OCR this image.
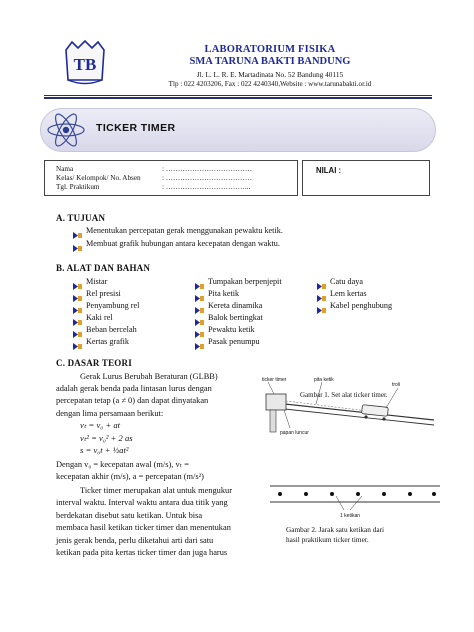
TB
LABORATORIUM FISIKA
SMA TARUNA BAKTI BANDUNG
Jl. L. L. R. E. Martadinata No. 52 Bandung 40115
Tlp : 022 4203206, Fax : 022 4240340,Website : www.tarunabakti.or.id
TICKER TIMER
Nama	: ………………………………
Kelas/ Kelompok/ No. Absen	: ………………………………
Tgl. Praktikum	: ……………………………...
NILAI :
A. TUJUAN
Menentukan percepatan gerak menggunakan pewaktu ketik.
Membuat grafik hubungan antara kecepatan dengan waktu.
B. ALAT DAN BAHAN
Mistar
Rel presisi
Penyambung rel
Kaki rel
Beban bercelah
Kertas grafik
Tumpakan berpenjepit
Pita ketik
Kereta dinamika
Balok bertingkat
Pewaktu ketik
Pasak penumpu
Catu daya
Lem kertas
Kabel penghubung
C. DASAR TEORI
Gerak Lurus Berubah Beraturan (GLBB)
adalah gerak benda pada lintasan lurus dengan
percepatan tetap (a ≠ 0) dan dapat dinyatakan
dengan lima persamaan berikut:
vₜ = v₀ + at
vₜ² = v₀² + 2 as
s = v₀t + ½at²
Dengan v₀ = kecepatan awal (m/s), vₜ =
kecepatan akhir (m/s), a = percepatan (m/s²)
Ticker timer merupakan alat untuk mengukur
interval waktu. Interval waktu antara dua titik yang
berdekatan disebut satu ketikan. Untuk bisa
membaca hasil ketikan ticker timer dan menentukan
jenis gerak benda, perlu diketahui arti dari satu
ketikan pada pita kertas ticker timer dan juga harus
ticker timer	pita ketik
troli
papan luncur
Gambar 1. Set alat ticker timer.
1 ketikan
Gambar 2. Jarak satu ketikan dari
hasil praktikum ticker timer.
